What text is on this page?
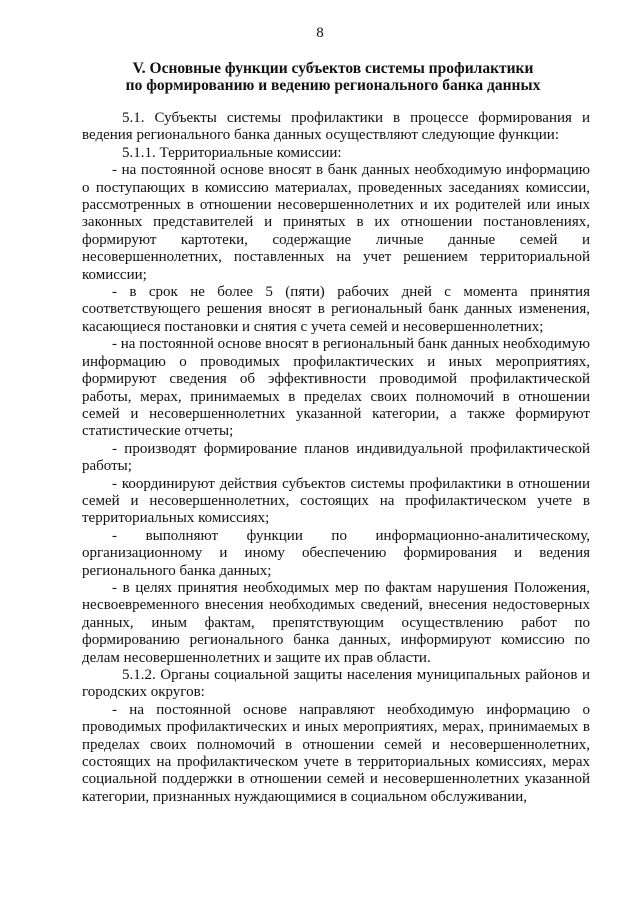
8
V. Основные функции субъектов системы профилактики
по формированию и ведению регионального банка данных

5.1. Субъекты системы профилактики в процессе формирования и ведения регионального банка данных осуществляют следующие функции:

5.1.1. Территориальные комиссии:

- на постоянной основе вносят в банк данных необходимую информацию о поступающих в комиссию материалах, проведенных заседаниях комиссии, рассмотренных в отношении несовершеннолетних и их родителей или иных законных представителей и принятых в их отношении постановлениях, формируют картотеки, содержащие личные данные семей и несовершеннолетних, поставленных на учет решением территориальной комиссии;

- в срок не более 5 (пяти) рабочих дней с момента принятия соответствующего решения вносят в региональный банк данных изменения, касающиеся постановки и снятия с учета семей и несовершеннолетних;

- на постоянной основе вносят в региональный банк данных необходимую информацию о проводимых профилактических и иных мероприятиях, формируют сведения об эффективности проводимой профилактической работы, мерах, принимаемых в пределах своих полномочий в отношении семей и несовершеннолетних указанной категории, а также формируют статистические отчеты;

- производят формирование планов индивидуальной профилактической работы;

- координируют действия субъектов системы профилактики в отношении семей и несовершеннолетних, состоящих на профилактическом учете в территориальных комиссиях;

- выполняют функции по информационно-аналитическому, организационному и иному обеспечению формирования и ведения регионального банка данных;

- в целях принятия необходимых мер по фактам нарушения Положения, несвоевременного внесения необходимых сведений, внесения недостоверных данных, иным фактам, препятствующим осуществлению работ по формированию регионального банка данных, информируют комиссию по делам несовершеннолетних и защите их прав области.

5.1.2. Органы социальной защиты населения муниципальных районов и городских округов:

- на постоянной основе направляют необходимую информацию о проводимых профилактических и иных мероприятиях, мерах, принимаемых в пределах своих полномочий в отношении семей и несовершеннолетних, состоящих на профилактическом учете в территориальных комиссиях, мерах социальной поддержки в отношении семей и несовершеннолетних указанной категории, признанных нуждающимися в социальном обслуживании,
